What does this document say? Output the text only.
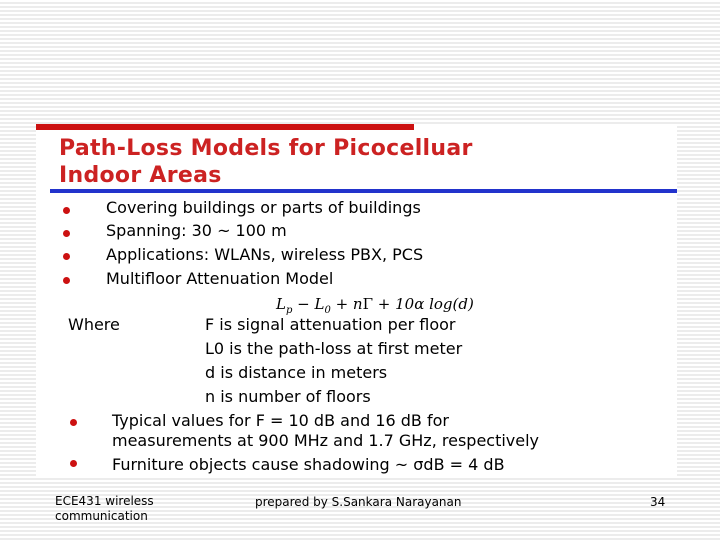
Path-Loss Models for Picocelluar
Indoor Areas
Covering buildings or parts of buildings
Spanning: 30 ~ 100 m
Applications: WLANs, wireless PBX, PCS
Multifloor Attenuation Model
$L_p - L_0 + n\Gamma + 10\alpha$ log(d)
Where	F is signal attenuation per floor
L0 is the path-loss at first meter
d is distance in meters
n is number of floors
Typical values for F = 10 dB and 16 dB for
measurements at 900 MHz and 1.7 GHz, respectively
Furniture objects cause shadowing ~ σdB = 4 dB
ECE431 wireless
communication
prepared by S.Sankara Narayanan	34
